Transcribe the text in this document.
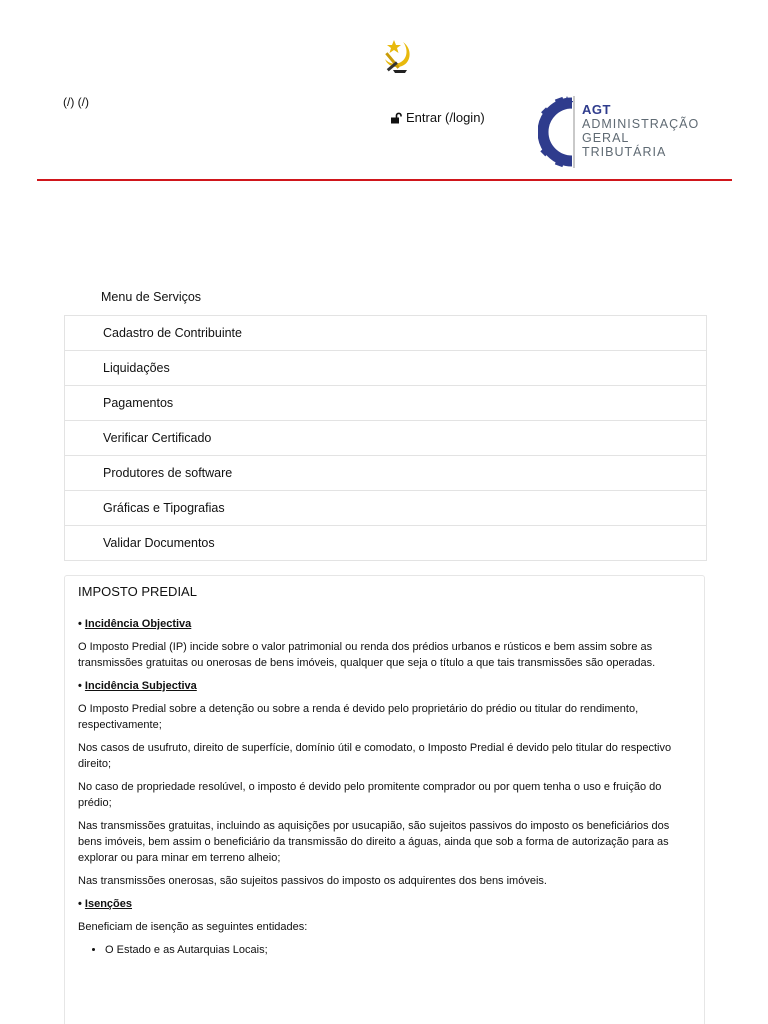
(/) (/)
Entrar (/login)
AGT
ADMINISTRAÇÃO
GERAL
TRIBUTÁRIA
Menu de Serviços
Cadastro de Contribuinte
Liquidações
Pagamentos
Verificar Certificado
Produtores de software
Gráficas e Tipografias
Validar Documentos
IMPOSTO PREDIAL

• Incidência Objectiva

O Imposto Predial (IP) incide sobre o valor patrimonial ou renda dos prédios urbanos e rústicos e bem assim sobre as transmissões gratuitas ou onerosas de bens imóveis, qualquer que seja o título a que tais transmissões são operadas.

• Incidência Subjectiva

O Imposto Predial sobre a detenção ou sobre a renda é devido pelo proprietário do prédio ou titular do rendimento, respectivamente;

Nos casos de usufruto, direito de superfície, domínio útil e comodato, o Imposto Predial é devido pelo titular do respectivo direito;

No caso de propriedade resolúvel, o imposto é devido pelo promitente comprador ou por quem tenha o uso e fruição do prédio;

Nas transmissões gratuitas, incluindo as aquisições por usucapião, são sujeitos passivos do imposto os beneficiários dos bens imóveis, bem assim o beneficiário da transmissão do direito a águas, ainda que sob a forma de autorização para as explorar ou para minar em terreno alheio;

Nas transmissões onerosas, são sujeitos passivos do imposto os adquirentes dos bens imóveis.

• Isenções

Beneficiam de isenção as seguintes entidades:

• O Estado e as Autarquias Locais;
